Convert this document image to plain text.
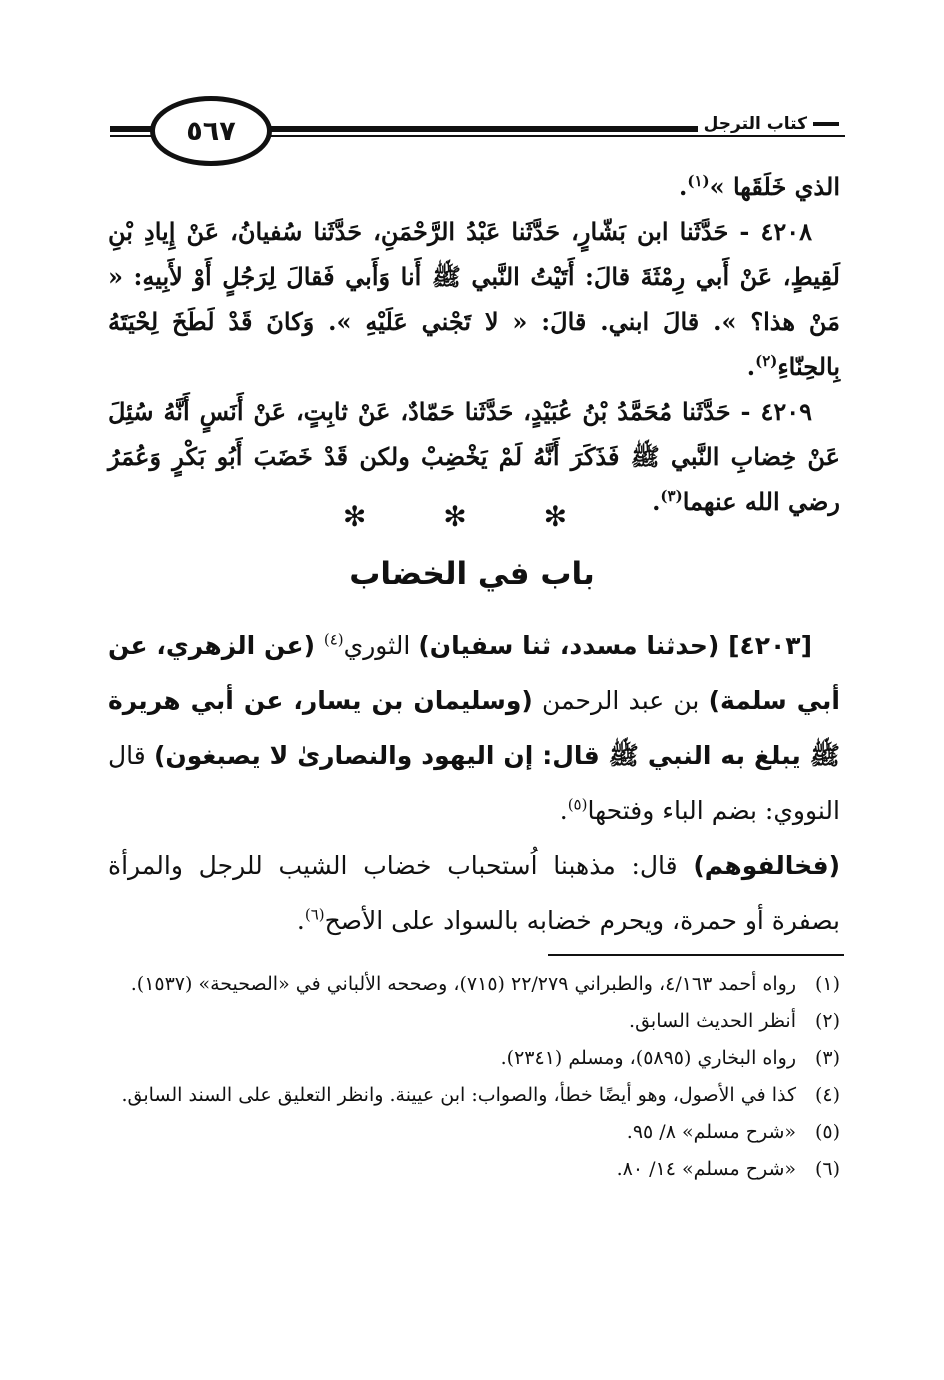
٥٦٧	كتاب الترجل

الذي خَلَقَها »$^{(١)}$.

٤٢٠٨ - حَدَّثَنا ابن بَشّارٍ، حَدَّثَنا عَبْدُ الرَّحْمَنِ، حَدَّثَنا سُفيانُ، عَنْ إِيادِ بْنِ لَقِيطٍ، عَنْ أَبي رِمْثَةَ قالَ: أَتَيْتُ النَّبي ﷺ أَنا وَأَبي فَقالَ لِرَجُلٍ أَوْ لأَبِيهِ: « مَنْ هذا؟ ». قالَ ابني. قالَ: « لا تَجْني عَلَيْهِ ». وَكانَ قَدْ لَطَخَ لِحْيَتَهُ بِالحِنّاءِ$^{(٢)}$.

٤٢٠٩ - حَدَّثَنا مُحَمَّدُ بْنُ عُبَيْدٍ، حَدَّثَنا حَمّادٌ، عَنْ ثابِتٍ، عَنْ أَنَسٍ أَنَّهُ سُئِلَ عَنْ خِضابِ النَّبي ﷺ فَذَكَرَ أَنَّهُ لَمْ يَخْضِبْ ولكن قَدْ خَضَبَ أَبُو بَكْرٍ وَعُمَرُ رضي الله عنهما$^{(٣)}$.

✻ ✻ ✻
باب في الخضاب

[٤٢٠٣] (حدثنا مسدد، ثنا سفيان) الثوري$^{(٤)}$ (عن الزهري، عن أبي سلمة) بن عبد الرحمن (وسليمان بن يسار، عن أبي هريرة ﷺ يبلغ به النبي ﷺ قال: إن اليهود والنصارىٰ لا يصبغون) قال النووي: بضم الباء وفتحها$^{(٥)}$.

(فخالفوهم) قال: مذهبنا اُستحباب خضاب الشيب للرجل والمرأة بصفرة أو حمرة، ويحرم خضابه بالسواد على الأصح$^{(٦)}$.

(١)
رواه أحمد ٤/١٦٣، والطبراني ٢٢/٢٧٩ (٧١٥)، وصححه الألباني في «الصحيحة» (١٥٣٧).

(٢)
أنظر الحديث السابق.

(٣)
رواه البخاري (٥٨٩٥)، ومسلم (٢٣٤١).

(٤)
كذا في الأصول، وهو أيضًا خطأ، والصواب: ابن عيينة. وانظر التعليق على السند السابق.

(٥)
«شرح مسلم» ٨/ ٩٥.

(٦)
«شرح مسلم» ١٤/ ٨٠.
